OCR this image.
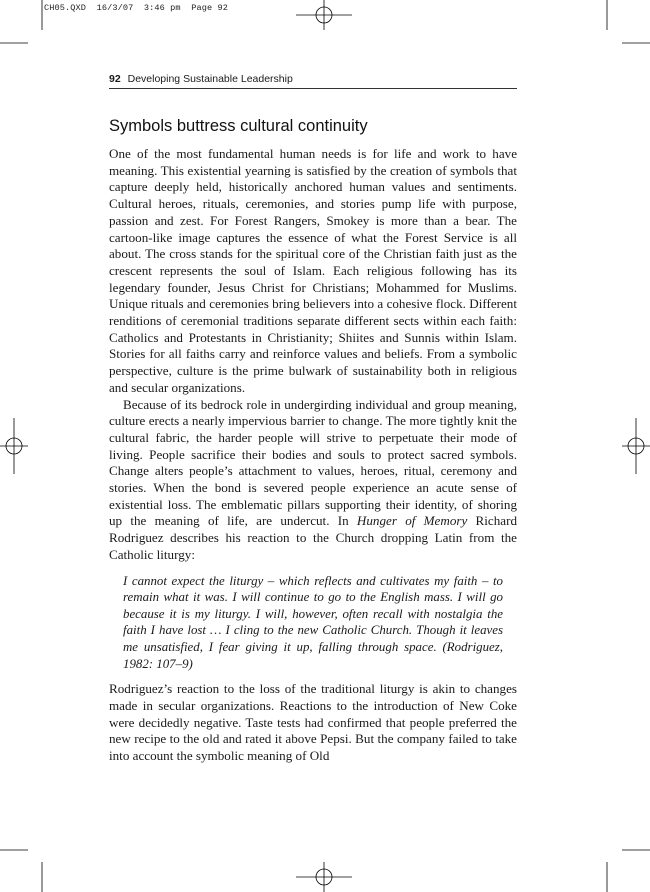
CH05.QXD  16/3/07  3:46 pm  Page 92
92 Developing Sustainable Leadership
Symbols buttress cultural continuity

One of the most fundamental human needs is for life and work to have meaning. This existential yearning is satisfied by the creation of symbols that capture deeply held, historically anchored human values and sentiments. Cultural heroes, rituals, ceremonies, and stories pump life with purpose, passion and zest. For Forest Rangers, Smokey is more than a bear. The cartoon-like image captures the essence of what the Forest Service is all about. The cross stands for the spiritual core of the Christian faith just as the crescent represents the soul of Islam. Each religious following has its legendary founder, Jesus Christ for Christians; Mohammed for Muslims. Unique rituals and ceremonies bring believers into a cohesive flock. Different renditions of ceremonial traditions separate different sects within each faith: Catholics and Protestants in Christianity; Shiites and Sunnis within Islam. Stories for all faiths carry and reinforce values and beliefs. From a symbolic perspective, culture is the prime bulwark of sustainability both in religious and secular organizations.

Because of its bedrock role in undergirding individual and group meaning, culture erects a nearly impervious barrier to change. The more tightly knit the cultural fabric, the harder people will strive to perpetuate their mode of living. People sacrifice their bodies and souls to protect sacred symbols. Change alters people’s attachment to values, heroes, ritual, ceremony and stories. When the bond is severed people experience an acute sense of existential loss. The emblematic pillars supporting their identity, of shoring up the meaning of life, are undercut. In Hunger of Memory Richard Rodriguez describes his reaction to the Church dropping Latin from the Catholic liturgy:

I cannot expect the liturgy – which reflects and cultivates my faith – to remain what it was. I will continue to go to the English mass. I will go because it is my liturgy. I will, however, often recall with nostalgia the faith I have lost … I cling to the new Catholic Church. Though it leaves me unsatisfied, I fear giving it up, falling through space. (Rodriguez, 1982: 107–9)

Rodriguez’s reaction to the loss of the traditional liturgy is akin to changes made in secular organizations. Reactions to the introduction of New Coke were decidedly negative. Taste tests had confirmed that people preferred the new recipe to the old and rated it above Pepsi. But the company failed to take into account the symbolic meaning of Old
